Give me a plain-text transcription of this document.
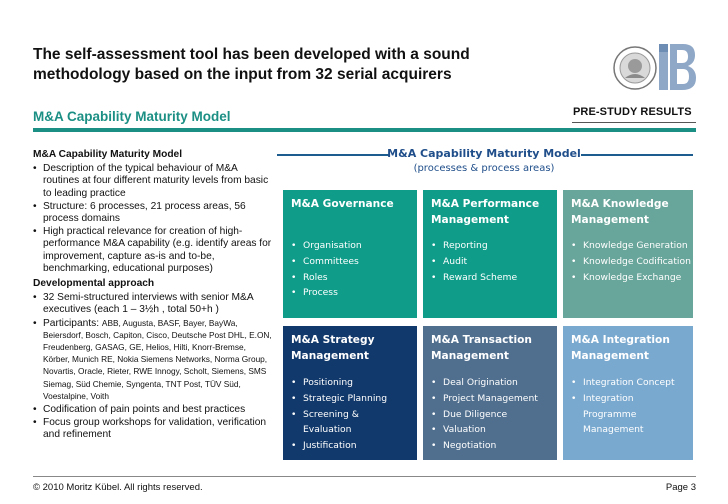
The self-assessment tool has been developed with a sound
methodology based on the input from 32 serial acquirers
M&A Capability Maturity Model	PRE-STUDY RESULTS
M&A Capability Maturity Model
• Description of the typical behaviour of M&A routines at four different maturity levels from basic to leading practice
• Structure: 6 processes, 21 process areas, 56 process domains
• High practical relevance for creation of high-performance M&A capability (e.g. identify areas for improvement, capture as-is and to-be, benchmarking, educational purposes)
Developmental approach
• 32 Semi-structured interviews with senior M&A executives (each 1 – 3½h , total 50+h )
• Participants: ABB, Augusta, BASF, Bayer, BayWa, Beiersdorf, Bosch, Capiton, Cisco, Deutsche Post DHL, E.ON, Freudenberg, GASAG, GE, Helios, Hilti, Knorr-Bremse, Körber, Munich RE, Nokia Siemens Networks, Norma Group, Novartis, Oracle, Rieter, RWE Innogy, Scholt, Siemens, SMS Siemag, Süd Chemie, Syngenta, TNT Post, TÜV Süd, Voestalpine, Voith
• Codification of pain points and best practices
• Focus group workshops for validation, verification and refinement
M&A Capability Maturity Model
(processes & process areas)
M&A Governance
• Organisation
• Committees
• Roles
• Process
M&A Performance
Management
• Reporting
• Audit
• Reward Scheme
M&A Knowledge
Management
• Knowledge Generation
• Knowledge Codification
• Knowledge Exchange
M&A Strategy
Management
• Positioning
• Strategic Planning
• Screening & Evaluation
• Justification
M&A Transaction
Management
• Deal Origination
• Project Management
• Due Diligence
• Valuation
• Negotiation
M&A Integration
Management
• Integration Concept
• Integration Programme Management
© 2010 Moritz Kübel. All rights reserved.	Page 3
